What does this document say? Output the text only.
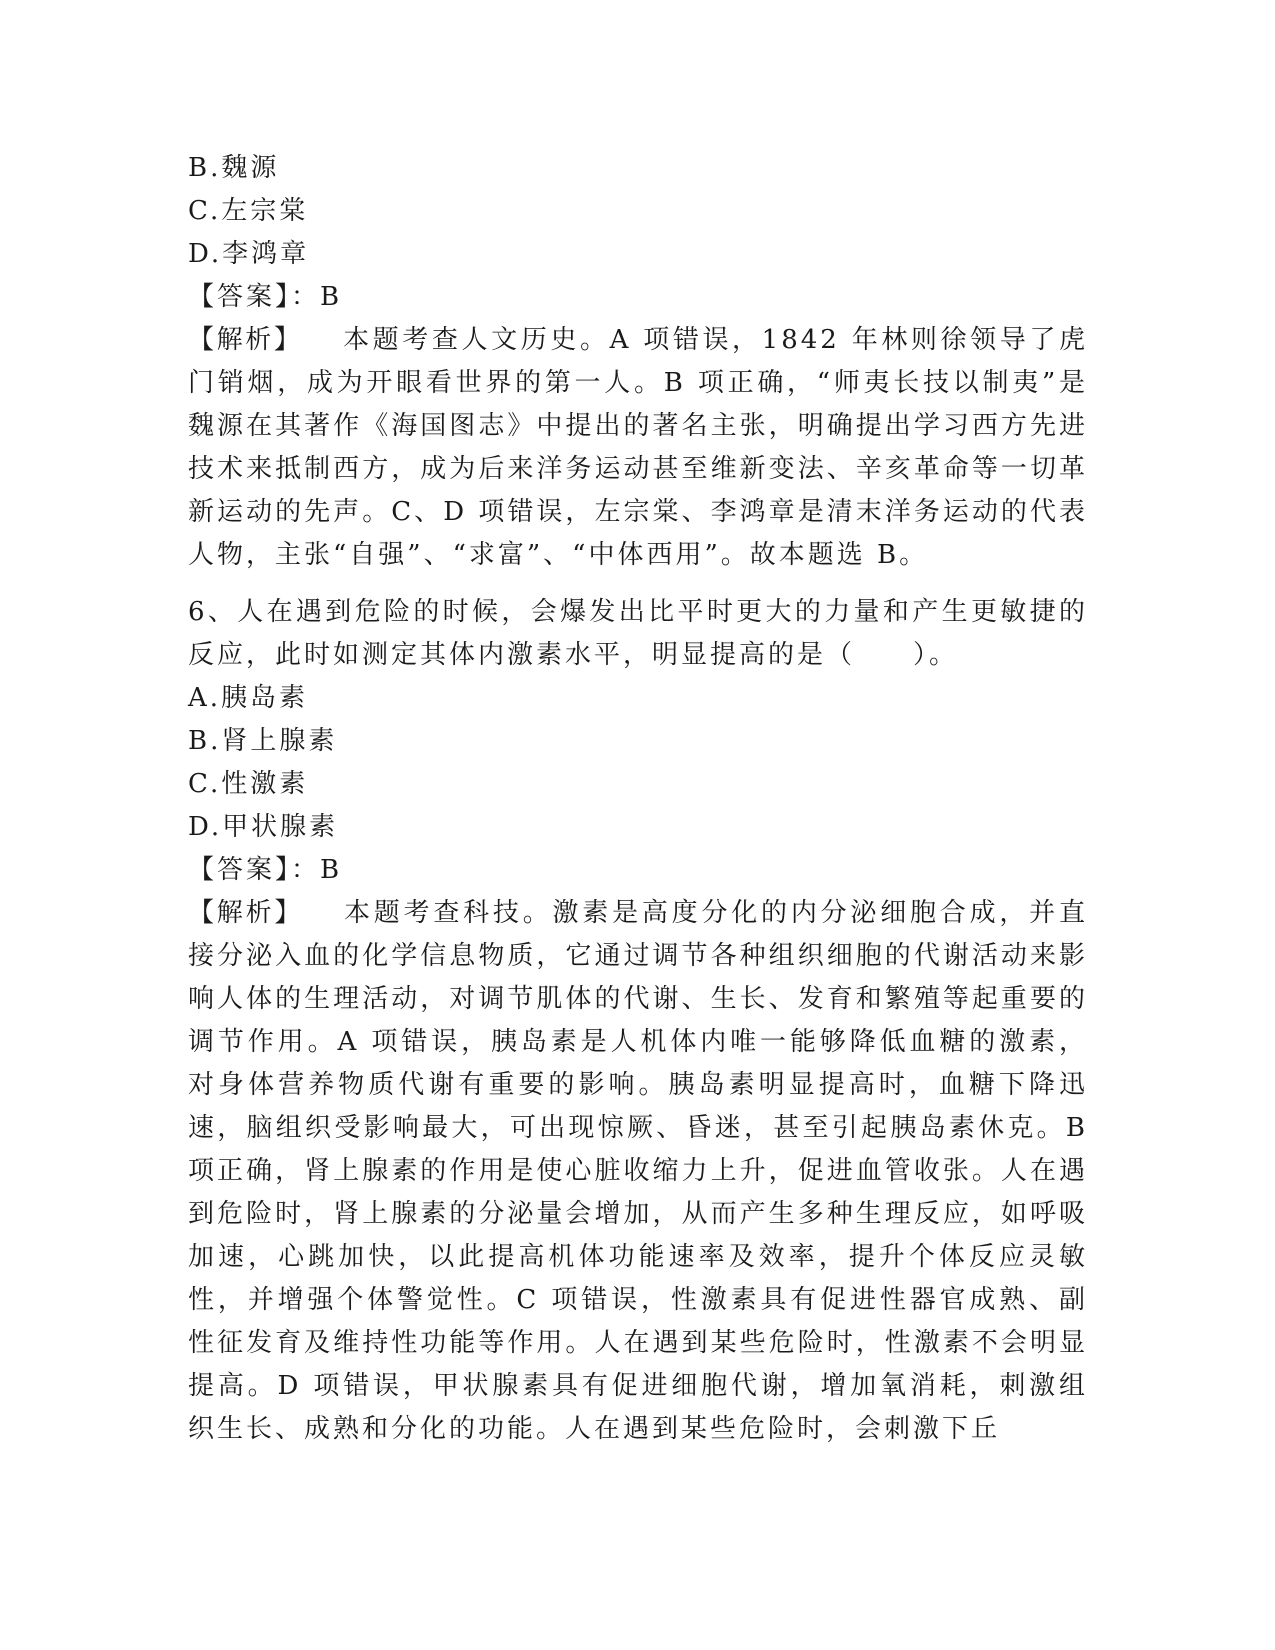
B.魏源
C.左宗棠
D.李鸿章
【答案】：B
【解析】 本题考查人文历史。A 项错误，1842 年林则徐领导了虎门销烟，成为开眼看世界的第一人。B 项正确，“师夷长技以制夷”是魏源在其著作《海国图志》中提出的著名主张，明确提出学习西方先进技术来抵制西方，成为后来洋务运动甚至维新变法、辛亥革命等一切革新运动的先声。C、D 项错误，左宗棠、李鸿章是清末洋务运动的代表人物，主张“自强”、“求富”、“中体西用”。故本题选 B。
6、人在遇到危险的时候，会爆发出比平时更大的力量和产生更敏捷的反应，此时如测定其体内激素水平，明显提高的是（　　）。
A.胰岛素
B.肾上腺素
C.性激素
D.甲状腺素
【答案】：B
【解析】 本题考查科技。激素是高度分化的内分泌细胞合成，并直接分泌入血的化学信息物质，它通过调节各种组织细胞的代谢活动来影响人体的生理活动，对调节肌体的代谢、生长、发育和繁殖等起重要的调节作用。A 项错误，胰岛素是人机体内唯一能够降低血糖的激素，对身体营养物质代谢有重要的影响。胰岛素明显提高时，血糖下降迅速，脑组织受影响最大，可出现惊厥、昏迷，甚至引起胰岛素休克。B 项正确，肾上腺素的作用是使心脏收缩力上升，促进血管收张。人在遇到危险时，肾上腺素的分泌量会增加，从而产生多种生理反应，如呼吸加速，心跳加快，以此提高机体功能速率及效率，提升个体反应灵敏性，并增强个体警觉性。C 项错误，性激素具有促进性器官成熟、副性征发育及维持性功能等作用。人在遇到某些危险时，性激素不会明显提高。D 项错误，甲状腺素具有促进细胞代谢，增加氧消耗，刺激组织生长、成熟和分化的功能。人在遇到某些危险时，会刺激下丘
